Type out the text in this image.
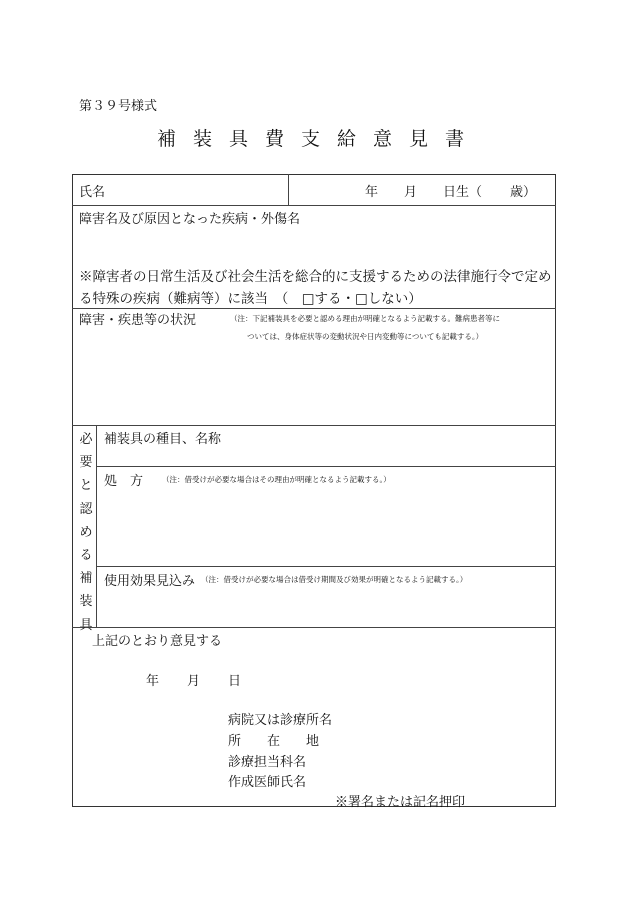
第３９号様式
補装具費支給意見書
氏名	年 月 日生（ 歳）
障害名及び原因となった疾病・外傷名
※障害者の日常生活及び社会生活を総合的に支援するための法律施行令で定め
る特殊の疾病（難病等）に該当　（　□する・□しない）
障害・疾患等の状況	（注：下記補装具を必要と認める理由が明確となるよう記載する。難病患者等に
ついては、身体症状等の変動状況や日内変動等についても記載する。）
必
要
と
認
め
る
補
装
具
補装具の種目、名称
処　方	（注：借受けが必要な場合はその理由が明確となるよう記載する。）
使用効果見込み （注：借受けが必要な場合は借受け期間及び効果が明確となるよう記載する。）
上記のとおり意見する
年 月 日
病院又は診療所名
所　　在　　地
診療担当科名
作成医師氏名
※署名または記名押印
